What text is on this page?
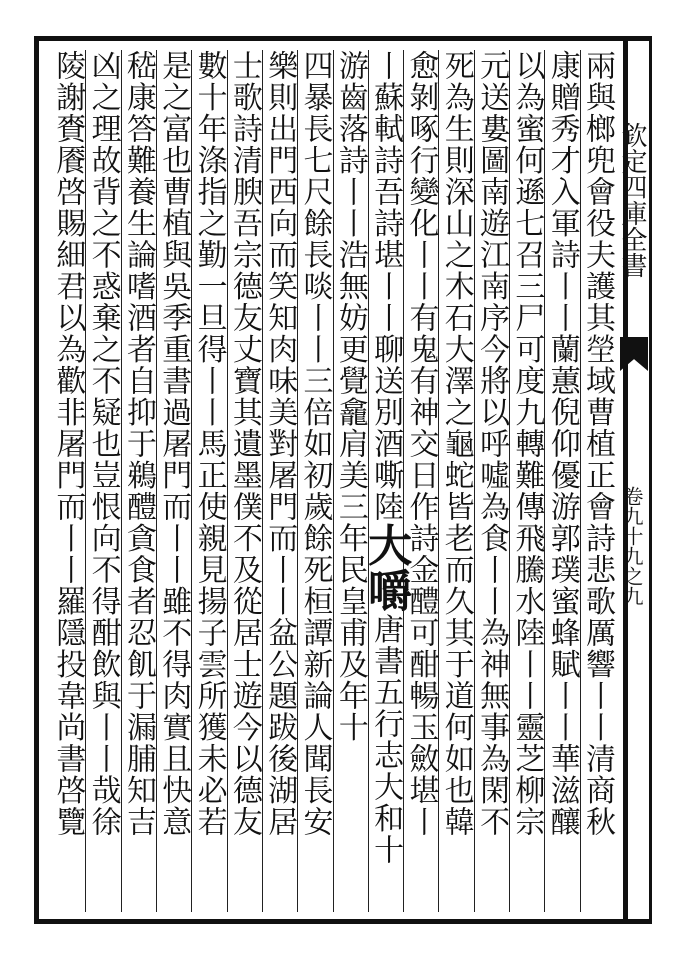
欽定四庫全書
卷九十九之九
兩與榔兜會役夫護其塋域曹植正會詩悲歌厲響丨丨清商秋
康贈秀才入軍詩丨丨蘭蕙倪仰優游郭璞蜜蜂賦丨丨華滋釀
以為蜜何遜七召三尸可度九轉難傳飛騰水陸丨丨靈芝柳宗
元送婁圖南遊江南序今將以呼噓為食丨丨為神無事為閑不
死為生則深山之木石大澤之龜蛇皆老而久其于道何如也韓
愈剝啄行變化丨丨有鬼有神交日作詩金醴可酣暢玉斂堪丨
丨蘇軾詩吾詩堪丨丨聊送別酒嘶陸大嚼唐書五行志大和十
游齒落詩丨丨浩無妨更覺龕肩美三年民皇甫及年十
四暴長七尺餘長啖丨丨三倍如初歲餘死桓譚新論人聞長安
樂則出門西向而笑知肉味美對屠門而丨丨盆公題跋後湖居
士歌詩清腴吾宗德友丈寶其遺墨僕不及從居士遊今以德友
數十年涤指之勤一旦得丨丨馬正使親見揚子雲所獲未必若
是之富也曹植與吳季重書過屠門而丨丨雖不得肉實且快意
嵇康答難養生論嗜酒者自抑于鵜醴貪食者忍飢于漏脯知吉
凶之理故背之不惑棄之不疑也豈恨向不得酣飲與丨丨哉徐
陵謝賚餍啓賜細君以為歡非屠門而丨丨羅隱投韋尚書啓覽
